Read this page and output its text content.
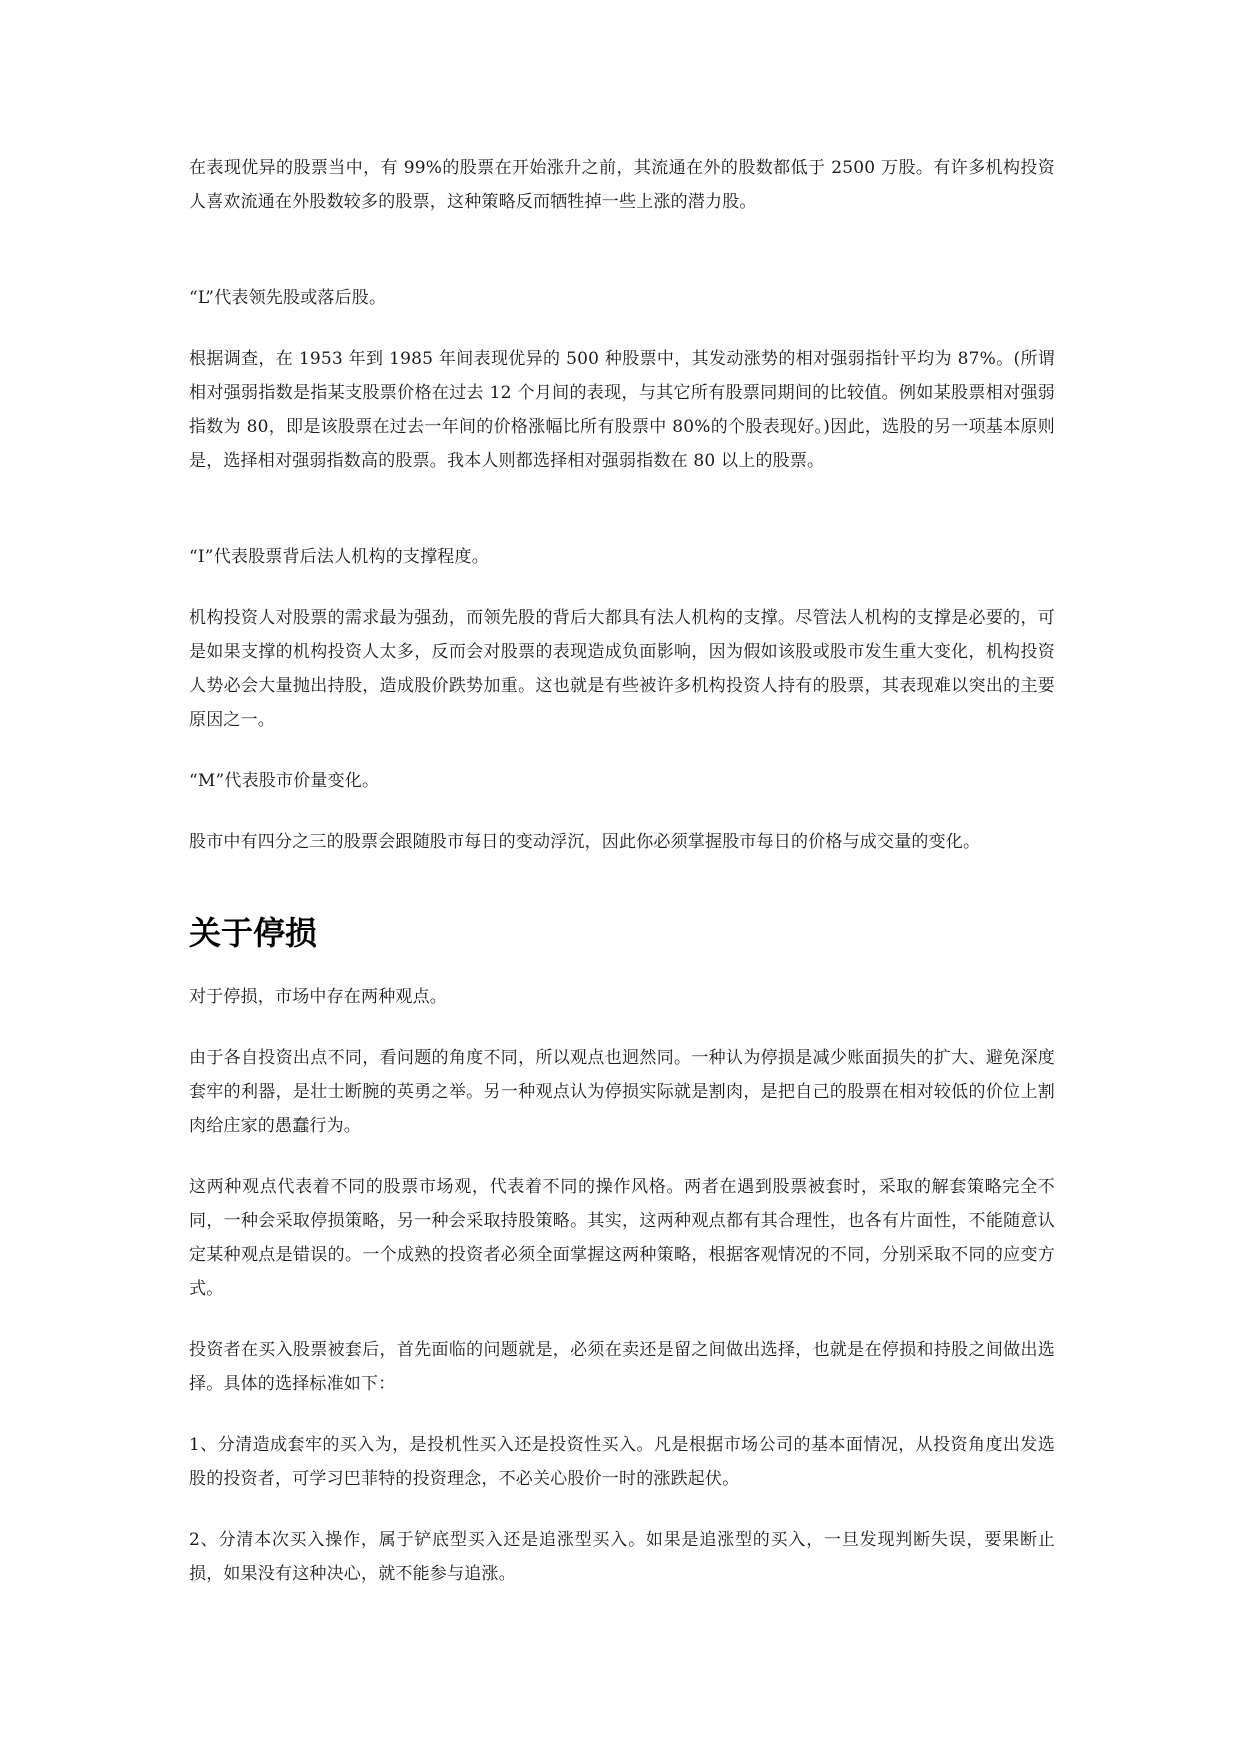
在表现优异的股票当中，有 99%的股票在开始涨升之前，其流通在外的股数都低于 2500 万股。有许多机构投资人喜欢流通在外股数较多的股票，这种策略反而牺牲掉一些上涨的潜力股。

“L”代表领先股或落后股。

根据调查，在 1953 年到 1985 年间表现优异的 500 种股票中，其发动涨势的相对强弱指针平均为 87%。(所谓相对强弱指数是指某支股票价格在过去 12 个月间的表现，与其它所有股票同期间的比较值。例如某股票相对强弱指数为 80，即是该股票在过去一年间的价格涨幅比所有股票中 80%的个股表现好。)因此，选股的另一项基本原则是，选择相对强弱指数高的股票。我本人则都选择相对强弱指数在 80 以上的股票。

“I”代表股票背后法人机构的支撑程度。

机构投资人对股票的需求最为强劲，而领先股的背后大都具有法人机构的支撑。尽管法人机构的支撑是必要的，可是如果支撑的机构投资人太多，反而会对股票的表现造成负面影响，因为假如该股或股市发生重大变化，机构投资人势必会大量抛出持股，造成股价跌势加重。这也就是有些被许多机构投资人持有的股票，其表现难以突出的主要原因之一。

“M”代表股市价量变化。

股市中有四分之三的股票会跟随股市每日的变动浮沉，因此你必须掌握股市每日的价格与成交量的变化。

关于停损

对于停损，市场中存在两种观点。

由于各自投资出点不同，看问题的角度不同，所以观点也迥然同。一种认为停损是减少账面损失的扩大、避免深度套牢的利器，是壮士断腕的英勇之举。另一种观点认为停损实际就是割肉，是把自己的股票在相对较低的价位上割肉给庄家的愚蠢行为。

这两种观点代表着不同的股票市场观，代表着不同的操作风格。两者在遇到股票被套时，采取的解套策略完全不同，一种会采取停损策略，另一种会采取持股策略。其实，这两种观点都有其合理性，也各有片面性，不能随意认定某种观点是错误的。一个成熟的投资者必须全面掌握这两种策略，根据客观情况的不同，分别采取不同的应变方式。

投资者在买入股票被套后，首先面临的问题就是，必须在卖还是留之间做出选择，也就是在停损和持股之间做出选择。具体的选择标准如下：

1、分清造成套牢的买入为，是投机性买入还是投资性买入。凡是根据市场公司的基本面情况，从投资角度出发选股的投资者，可学习巴菲特的投资理念，不必关心股价一时的涨跌起伏。

2、分清本次买入操作，属于铲底型买入还是追涨型买入。如果是追涨型的买入，一旦发现判断失误，要果断止损，如果没有这种决心，就不能参与追涨。
